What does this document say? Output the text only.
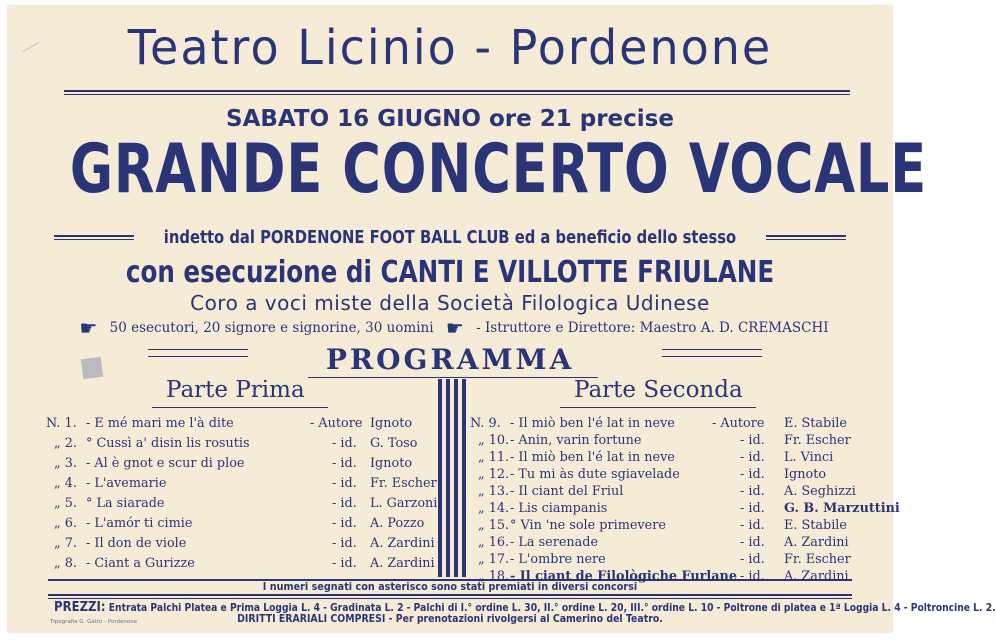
Teatro Licinio - Pordenone
SABATO 16 GIUGNO ore 21 precise
GRANDE CONCERTO VOCALE
indetto dal PORDENONE FOOT BALL CLUB ed a beneficio dello stesso
con esecuzione di CANTI E VILLOTTE FRIULANE
Coro a voci miste della Società Filologica Udinese
☛ 50 esecutori, 20 signore e signorine, 30 uomini ☛ - Istruttore e Direttore: Maestro A. D. CREMASCHI
PROGRAMMA
Parte Prima	Parte Seconda
N. 1. - E mé mari me l'à dite	- Autore Ignoto
„ 2. ° Cussì a' disin lis rosutis	- id. G. Toso
„ 3. - Al è gnot e scur di ploe	- id. Ignoto
„ 4. - L'avemarie	- id. Fr. Escher
„ 5. ° La siarade	- id. L. Garzoni
„ 6. - L'amór ti cimie	- id. A. Pozzo
„ 7. - Il don de viole	- id. A. Zardini
„ 8. - Ciant a Gurizze	- id. A. Zardini
N. 9. - Il miò ben l'é lat in neve	- Autore E. Stabile
„ 10. - Anin, varin fortune	- id. Fr. Escher
„ 11. - Il miò ben l'é lat in neve	- id. L. Vinci
„ 12. - Tu mi às dute sgiavelade	- id. Ignoto
„ 13. - Il ciant del Friul	- id. A. Seghizzi
„ 14. - Lis ciampanis	- id. G. B. Marzuttini
„ 15. ° Vin 'ne sole primevere	- id. E. Stabile
„ 16. - La serenade	- id. A. Zardini
„ 17. - L'ombre nere	- id. Fr. Escher
„ 18. - Il ciant de Filològiche Furlane - id. A. Zardini
I numeri segnati con asterisco sono stati premiati in diversi concorsi
PREZZI: Entrata Palchi Platea e Prima Loggia L. 4 - Gradinata L. 2 - Palchi di I.° ordine L. 30, II.° ordine L. 20, III.° ordine L. 10 - Poltrone di platea e 1ª Loggia L. 4 - Poltroncine L. 2.
DIRITTI ERARIALI COMPRESI - Per prenotazioni rivolgersi al Camerino del Teatro.
Tipografia G. Gatto - Pordenone
